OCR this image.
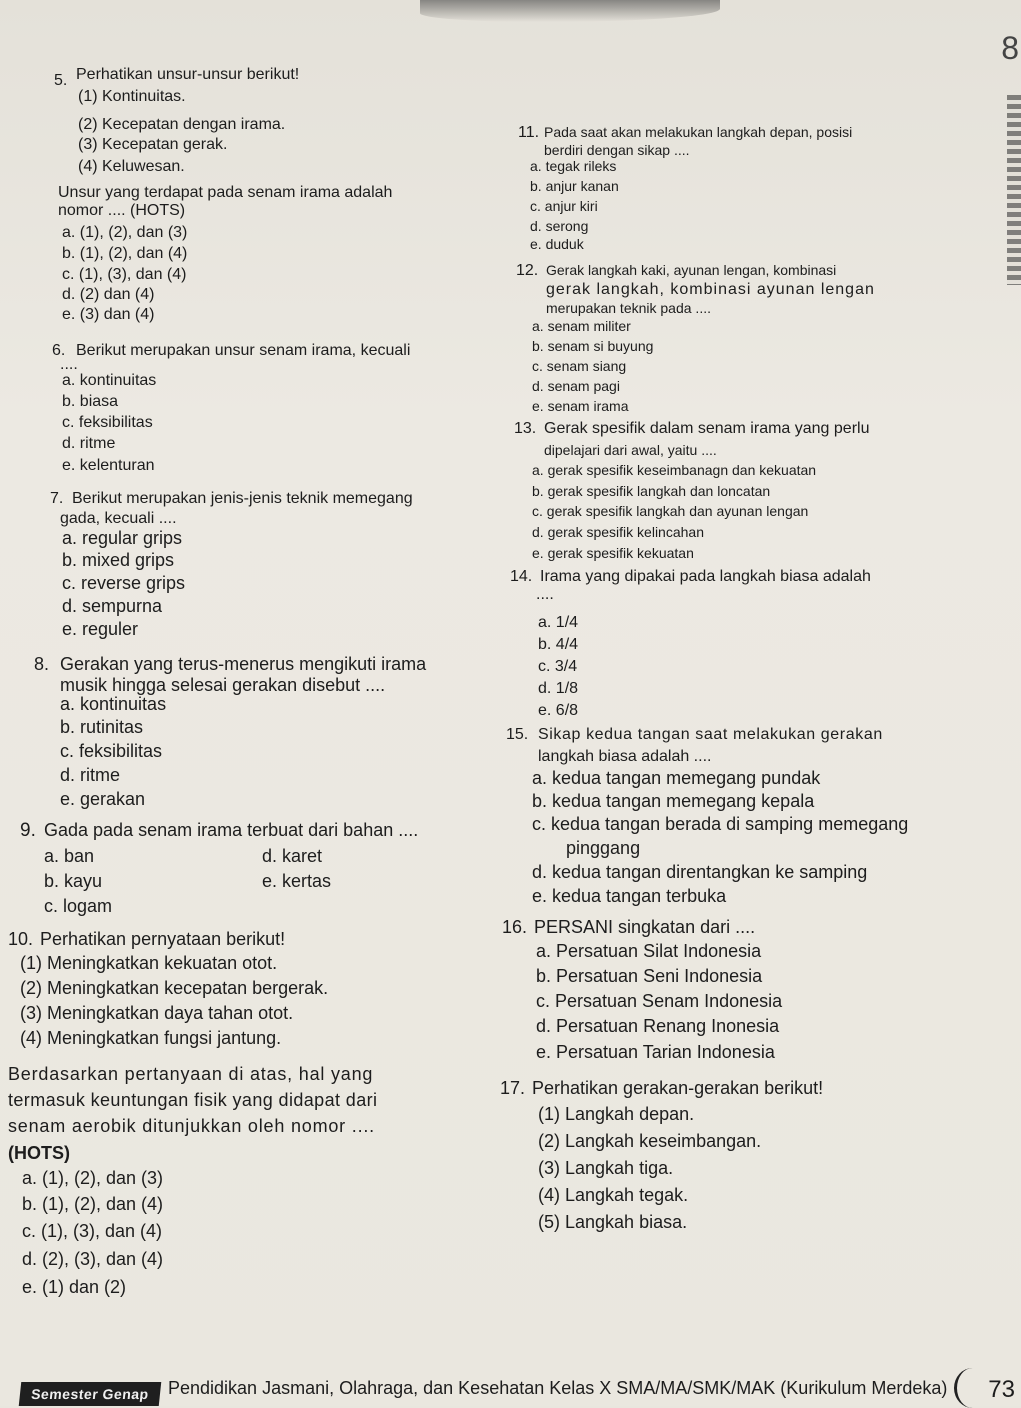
8
5. Perhatikan unsur-unsur berikut!
(1) Kontinuitas.
(2) Kecepatan dengan irama.
(3) Kecepatan gerak.
(4) Keluwesan.
Unsur yang terdapat pada senam irama adalah
nomor .... (HOTS)
a. (1), (2), dan (3)
b. (1), (2), dan (4)
c. (1), (3), dan (4)
d. (2) dan (4)
e. (3) dan (4)
6. Berikut merupakan unsur senam irama, kecuali
....
a. kontinuitas
b. biasa
c. feksibilitas
d. ritme
e. kelenturan
7. Berikut merupakan jenis-jenis teknik memegang
gada, kecuali ....
a. regular grips
b. mixed grips
c. reverse grips
d. sempurna
e. reguler
8. Gerakan yang terus-menerus mengikuti irama
musik hingga selesai gerakan disebut ....
a. kontinuitas
b. rutinitas
c. feksibilitas
d. ritme
e. gerakan
9. Gada pada senam irama terbuat dari bahan ....
a. ban	d. karet
b. kayu	e. kertas
c. logam
10. Perhatikan pernyataan berikut!
(1) Meningkatkan kekuatan otot.
(2) Meningkatkan kecepatan bergerak.
(3) Meningkatkan daya tahan otot.
(4) Meningkatkan fungsi jantung.
Berdasarkan pertanyaan di atas, hal yang
termasuk keuntungan fisik yang didapat dari
senam aerobik ditunjukkan oleh nomor ....
(HOTS)
a. (1), (2), dan (3)
b. (1), (2), dan (4)
c. (1), (3), dan (4)
d. (2), (3), dan (4)
e. (1) dan (2)
11. Pada saat akan melakukan langkah depan, posisi
berdiri dengan sikap ....
a. tegak rileks
b. anjur kanan
c. anjur kiri
d. serong
e. duduk
12. Gerak langkah kaki, ayunan lengan, kombinasi
gerak langkah, kombinasi ayunan lengan
merupakan teknik pada ....
a. senam militer
b. senam si buyung
c. senam siang
d. senam pagi
e. senam irama
13. Gerak spesifik dalam senam irama yang perlu
dipelajari dari awal, yaitu ....
a. gerak spesifik keseimbanagn dan kekuatan
b. gerak spesifik langkah dan loncatan
c. gerak spesifik langkah dan ayunan lengan
d. gerak spesifik kelincahan
e. gerak spesifik kekuatan
14. Irama yang dipakai pada langkah biasa adalah
....
a. 1/4
b. 4/4
c. 3/4
d. 1/8
e. 6/8
15. Sikap kedua tangan saat melakukan gerakan
langkah biasa adalah ....
a. kedua tangan memegang pundak
b. kedua tangan memegang kepala
c. kedua tangan berada di samping memegang
pinggang
d. kedua tangan direntangkan ke samping
e. kedua tangan terbuka
16. PERSANI singkatan dari ....
a. Persatuan Silat Indonesia
b. Persatuan Seni Indonesia
c. Persatuan Senam Indonesia
d. Persatuan Renang Inonesia
e. Persatuan Tarian Indonesia
17. Perhatikan gerakan-gerakan berikut!
(1) Langkah depan.
(2) Langkah keseimbangan.
(3) Langkah tiga.
(4) Langkah tegak.
(5) Langkah biasa.
Semester Genap	Pendidikan Jasmani, Olahraga, dan Kesehatan Kelas X SMA/MA/SMK/MAK (Kurikulum Merdeka) 73
